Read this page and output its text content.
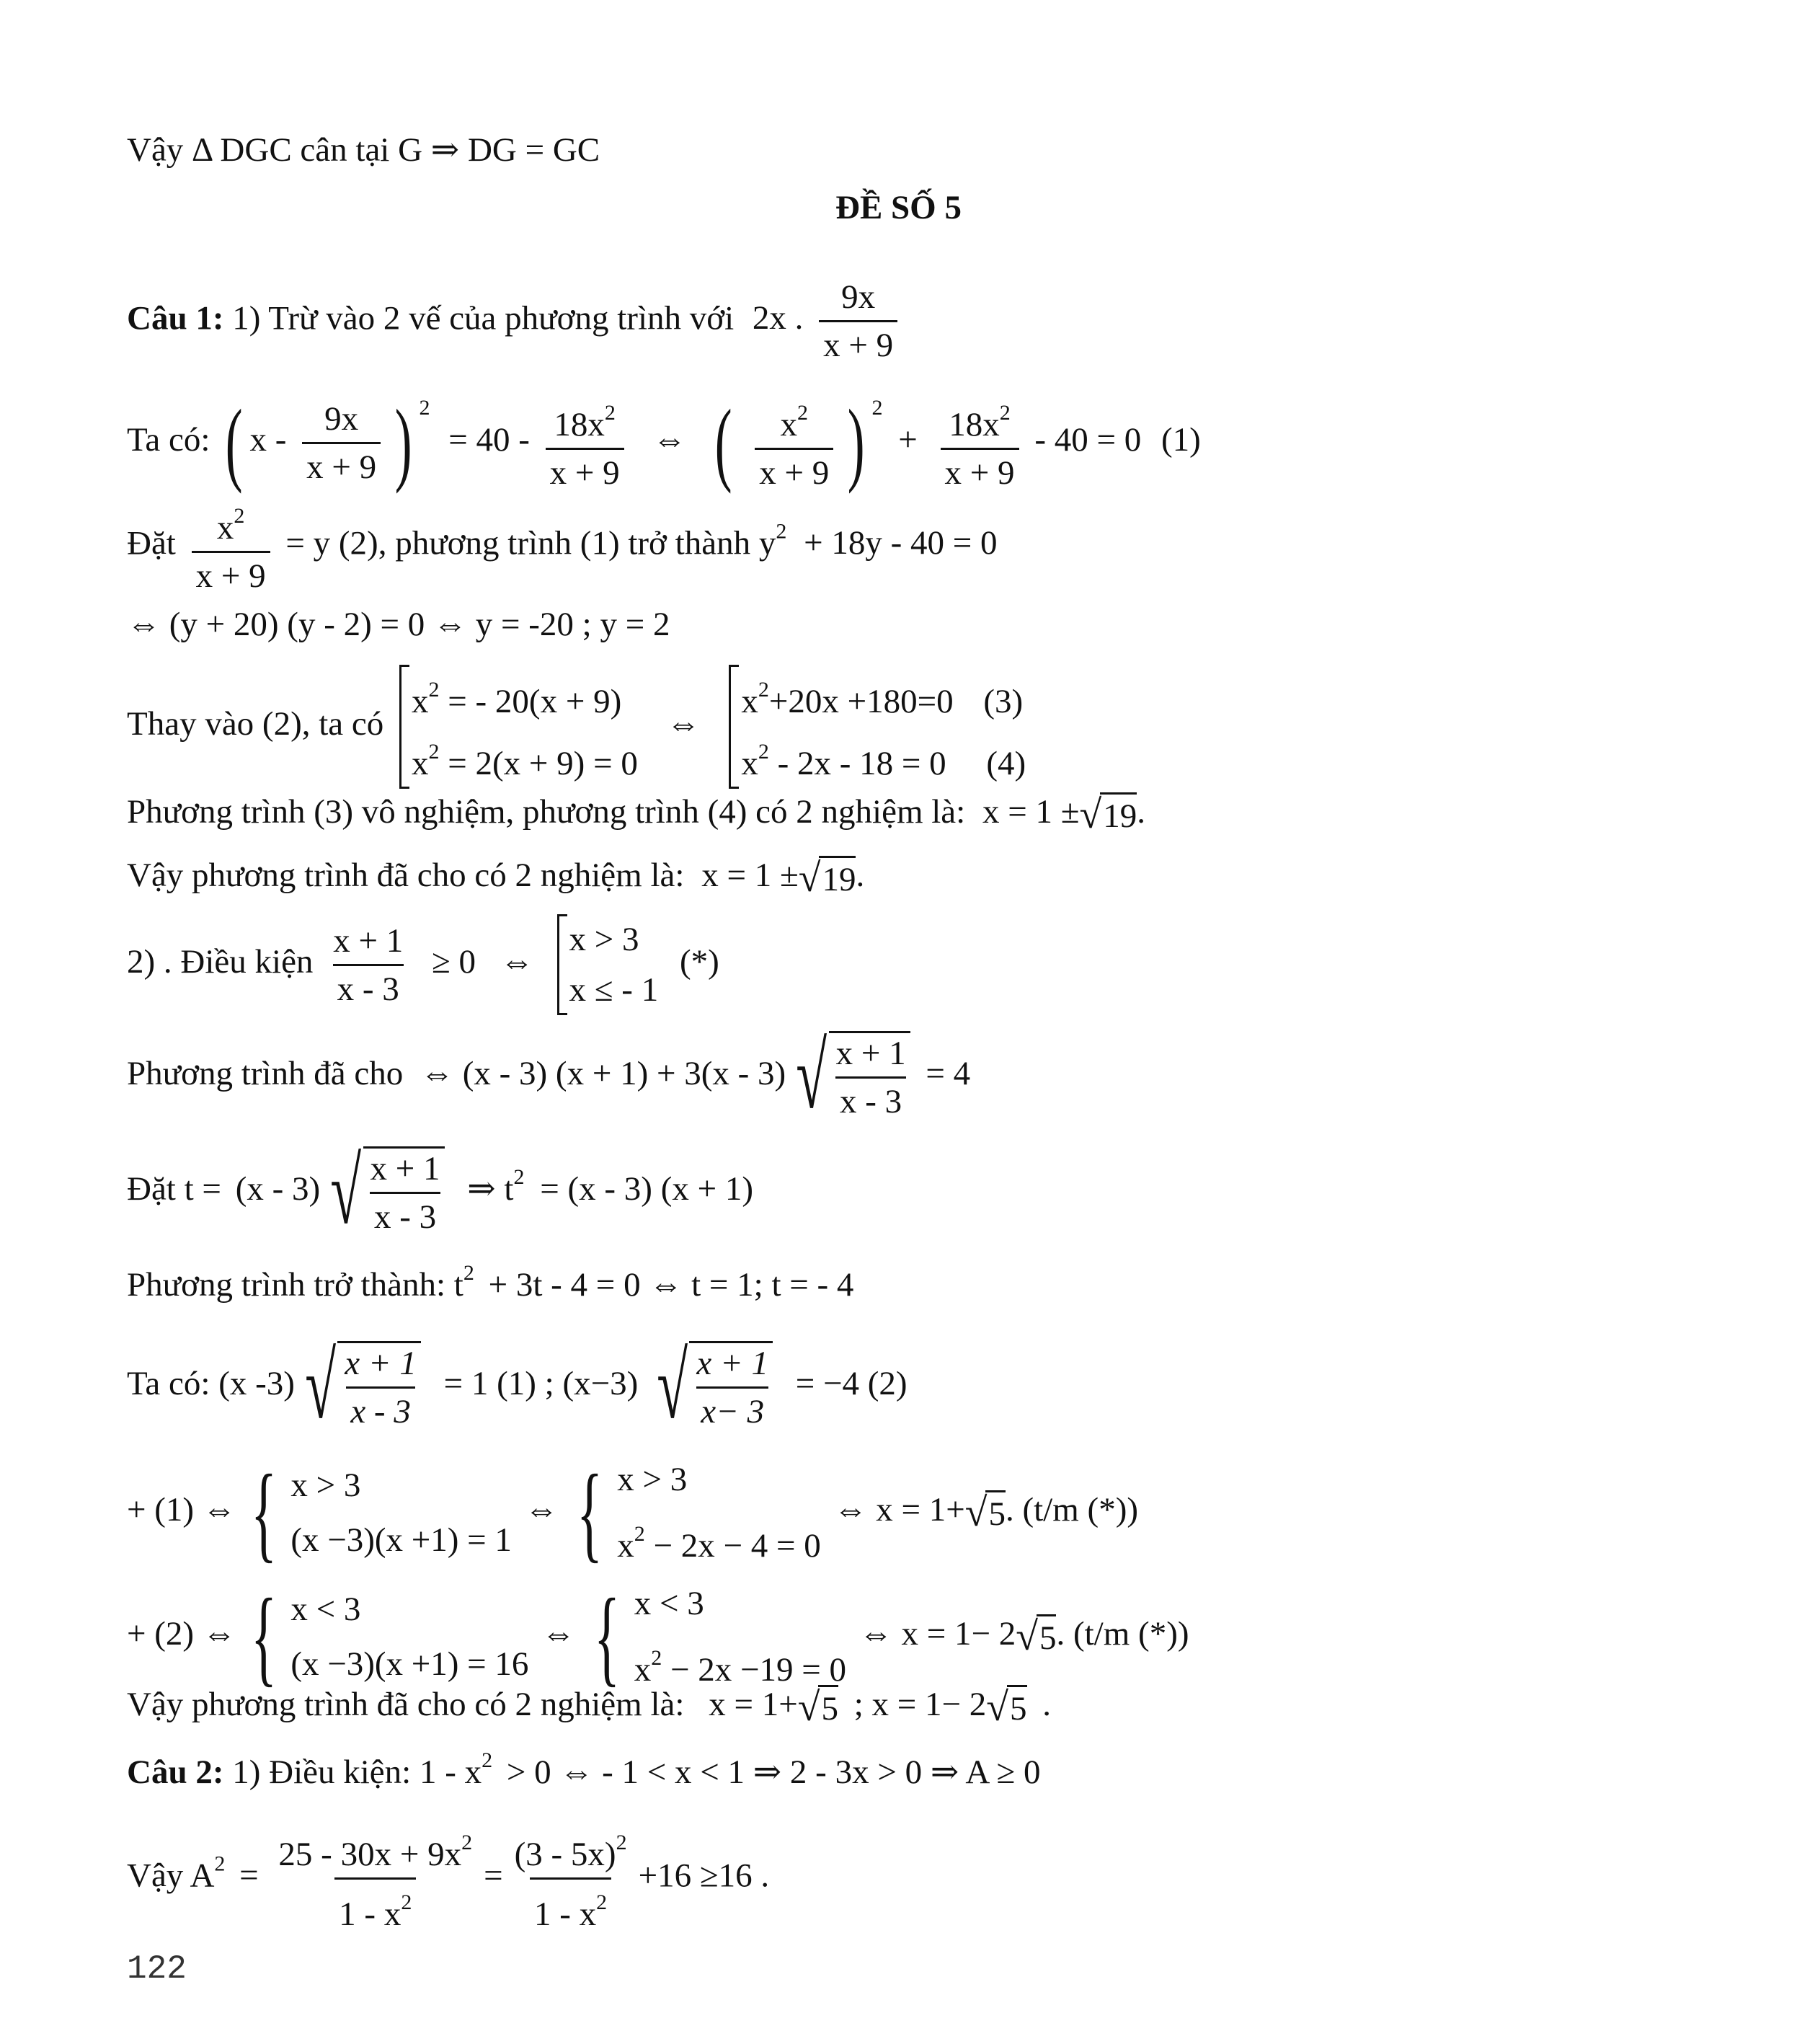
Vậy Δ DGC cân tại G ⇒ DG = GC
ĐỀ SỐ 5
Câu 1: 1) Trừ vào 2 vế của phương trình với 2x . $\frac{9x}{x + 9}$
Ta có: ( x - $\frac{9x}{x + 9}$ ) $^2 = 40 - \frac{18x^2}{x + 9}$ ⇔ ( $\frac{x^2}{x + 9}$ ) $^2 + \frac{18x^2}{x + 9} - 40 = 0$ (1)
Đặt $\frac{x^2}{x + 9} = y$ (2), phương trình (1) trở thành $y^2 + 18y - 40 = 0$
⇔ (y + 20) (y - 2) = 0 ⇔ y = -20 ; y = 2
Thay vào (2), ta có
$x^2$ = - 20(x + 9)
$x^2 = 2(x + 9) = 0$
⇔
$x^2+20x +180=0$ (3)
$x^2 - 2x - 18 = 0$ (4)
Phương trình (3) vô nghiệm, phương trình (4) có 2 nghiệm là: x = 1 ± √ 19 .
Vậy phương trình đã cho có 2 nghiệm là: x = 1 ± √ 19 .
2) . Điều kiện $\frac{x + 1}{x - 3} \ge 0$ ⇔
x > 3
x ≤ - 1
(*)
Phương trình đã cho ⇔ (x - 3) (x + 1) + 3(x - 3) √ $\frac{x + 1}{x - 3} = 4$
Đặt t = (x - 3) √ $\frac{x + 1}{x - 3}$ ⇒ $t^2 = (x - 3) (x + 1)$
Phương trình trở thành: $t^2 + 3t - 4 = 0$ ⇔ t = 1; t = - 4
Ta có: (x -3) √ $\frac{x + 1}{x - 3} = 1$ (1) ; (x−3) √ $\frac{x + 1}{x- 3} = -4$ (2)
+ (1) ⇔ { x > 3
(x −3)(x +1) = 1
⇔ { x > 3
$x^2 - 2x - 4 = 0$
⇔ x = 1+ √ 5 . (t/m (*))
+ (2) ⇔ { x < 3
(x −3)(x +1) = 16
⇔ { x < 3
$x^2 - 2x -19 = 0$
⇔ x = 1− 2 √ 5 . (t/m (*))
Vậy phương trình đã cho có 2 nghiệm là: x = 1+ √ 5 ; x = 1− 2 √ 5 .
Câu 2: 1) Điều kiện: $1 - x^2 > 0$ ⇔ - 1 < x < 1 ⇒ 2 - 3x > 0 ⇒ A ≥ 0
Vậy $A^2 = \frac{25 - 30x + 9x^2}{1 - x^2} = \frac{(3 - 5x)^2}{1 - x^2} +16 \ge 16$ .
122
